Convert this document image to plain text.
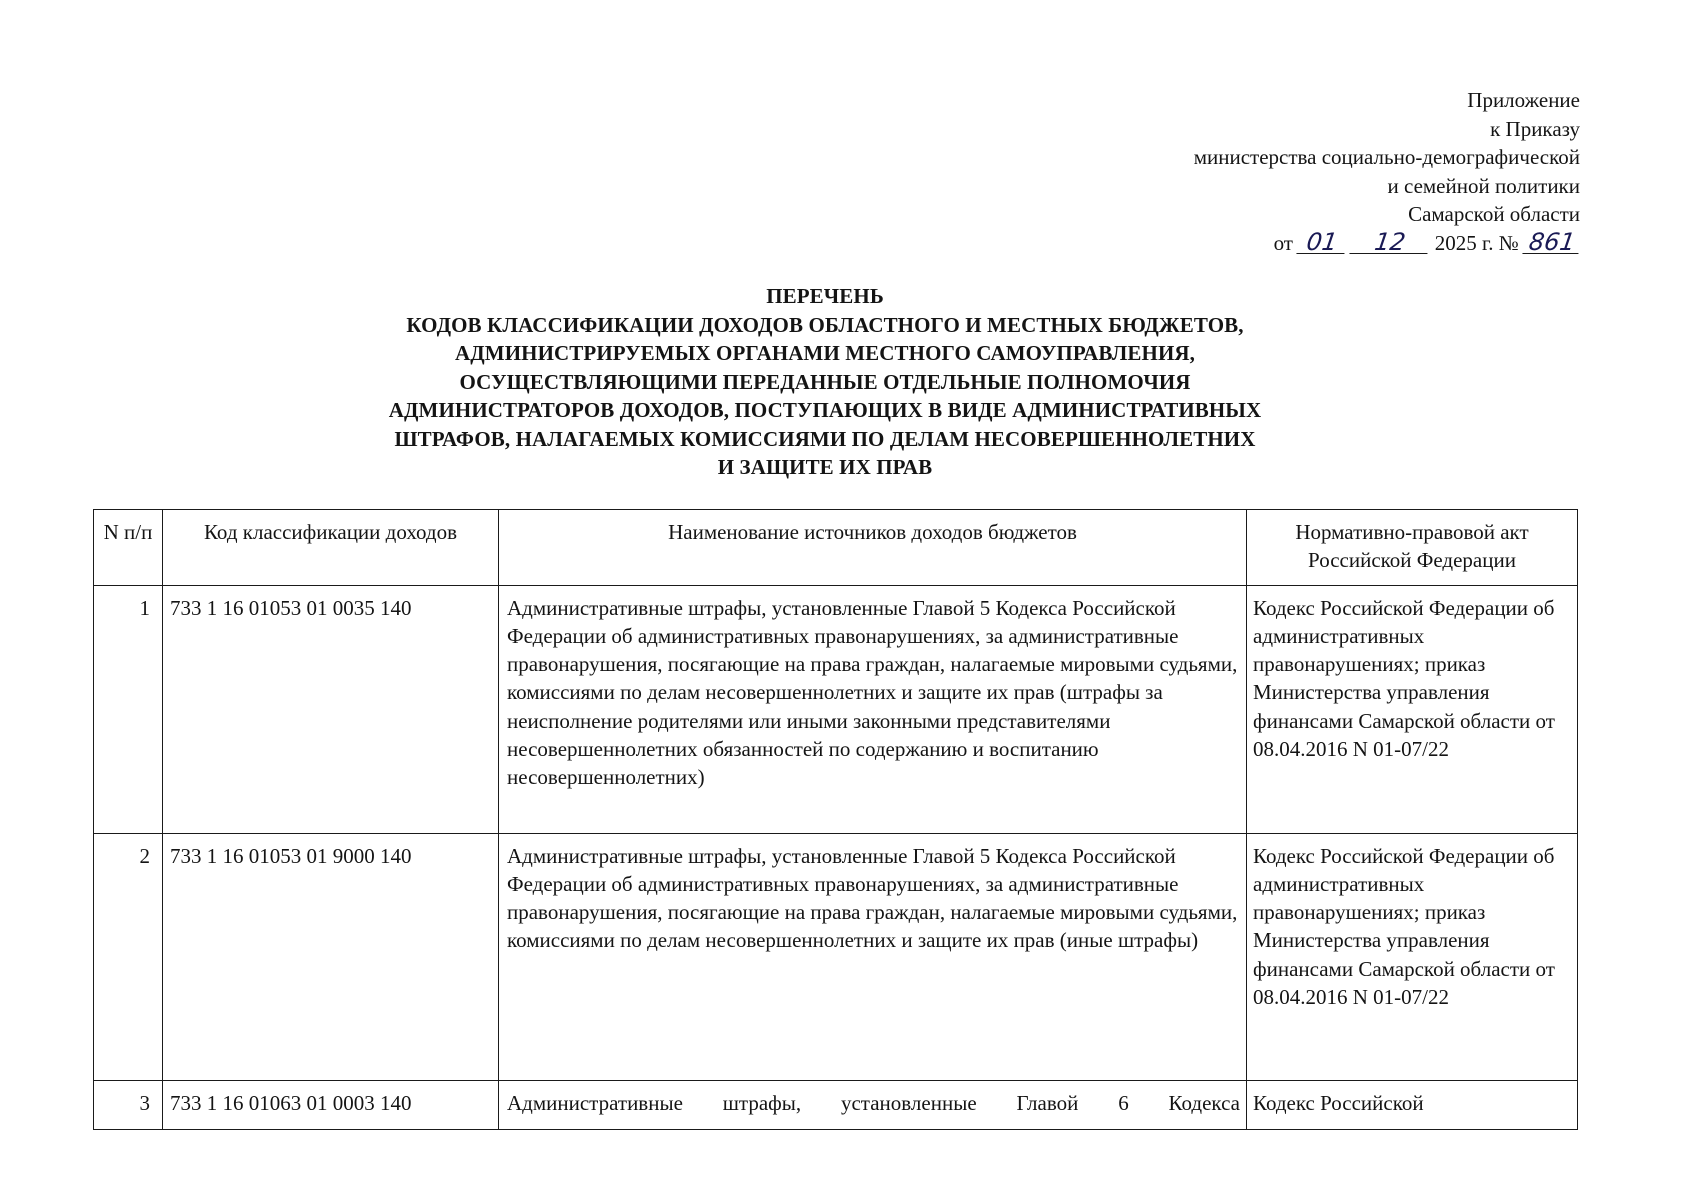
Приложение
к Приказу
министерства социально-демографической
и семейной политики
Самарской области
от 01 12 2025 г. № 861
ПЕРЕЧЕНЬ
КОДОВ КЛАССИФИКАЦИИ ДОХОДОВ ОБЛАСТНОГО И МЕСТНЫХ БЮДЖЕТОВ,
АДМИНИСТРИРУЕМЫХ ОРГАНАМИ МЕСТНОГО САМОУПРАВЛЕНИЯ,
ОСУЩЕСТВЛЯЮЩИМИ ПЕРЕДАННЫЕ ОТДЕЛЬНЫЕ ПОЛНОМОЧИЯ
АДМИНИСТРАТОРОВ ДОХОДОВ, ПОСТУПАЮЩИХ В ВИДЕ АДМИНИСТРАТИВНЫХ
ШТРАФОВ, НАЛАГАЕМЫХ КОМИССИЯМИ ПО ДЕЛАМ НЕСОВЕРШЕННОЛЕТНИХ
И ЗАЩИТЕ ИХ ПРАВ
N п/п	Код классификации доходов	Наименование источников доходов бюджетов	Нормативно-правовой акт
Российской Федерации

1	733 1 16 01053 01 0035 140	Административные штрафы, установленные Главой 5 Кодекса Российской Федерации об административных правонарушениях, за административные правонарушения, посягающие на права граждан, налагаемые мировыми судьями, комиссиями по делам несовершеннолетних и защите их прав (штрафы за неисполнение родителями или иными законными представителями несовершеннолетних обязанностей по содержанию и воспитанию несовершеннолетних)	Кодекс Российской Федерации об административных правонарушениях; приказ Министерства управления финансами Самарской области от 08.04.2016 N 01-07/22
2	733 1 16 01053 01 9000 140	Административные штрафы, установленные Главой 5 Кодекса Российской Федерации об административных правонарушениях, за административные правонарушения, посягающие на права граждан, налагаемые мировыми судьями, комиссиями по делам несовершеннолетних и защите их прав (иные штрафы)	Кодекс Российской Федерации об административных правонарушениях; приказ Министерства управления финансами Самарской области от 08.04.2016 N 01-07/22
3	733 1 16 01063 01 0003 140	Административные штрафы, установленные Главой 6 Кодекса	Кодекс Российской
